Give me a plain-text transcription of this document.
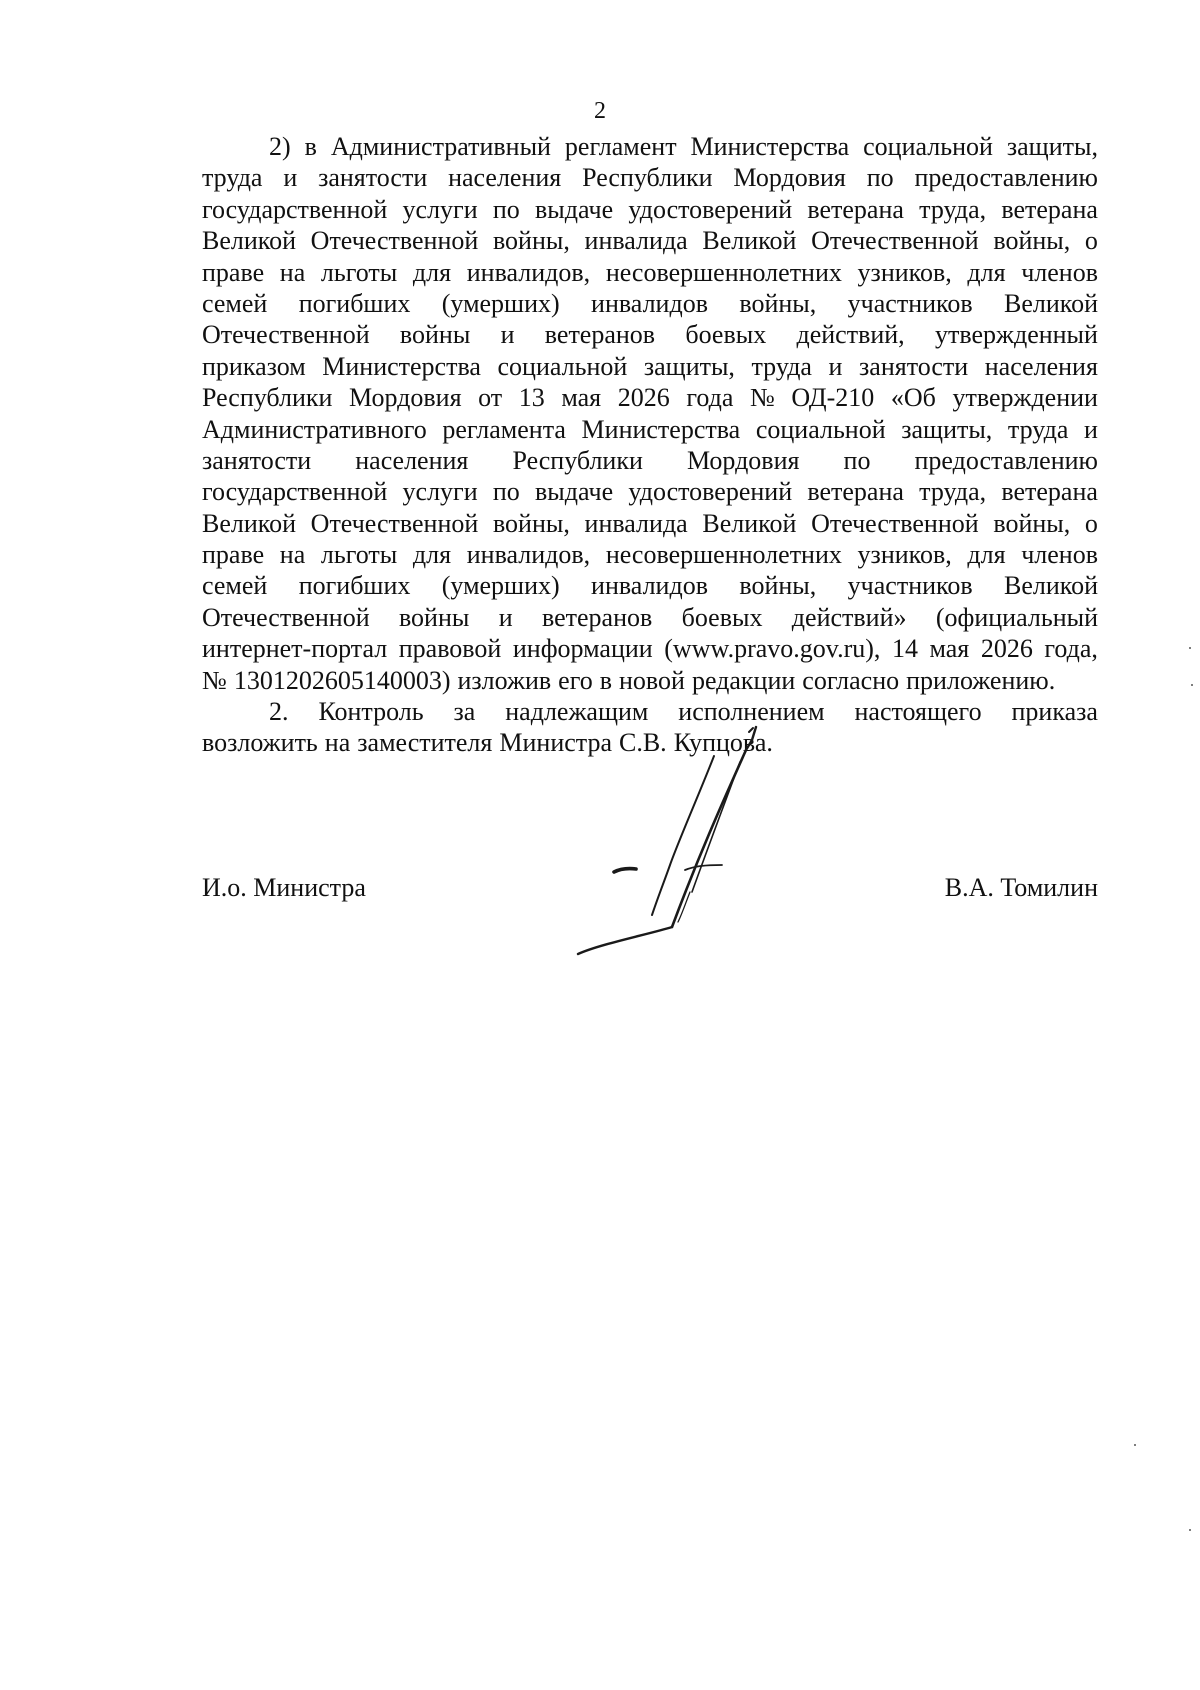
2
2) в Административный регламент Министерства социальной защиты,
труда и занятости населения Республики Мордовия по предоставлению
государственной услуги по выдаче удостоверений ветерана труда, ветерана
Великой Отечественной войны, инвалида Великой Отечественной войны, о
праве на льготы для инвалидов, несовершеннолетних узников, для членов
семей погибших (умерших) инвалидов войны, участников Великой
Отечественной войны и ветеранов боевых действий, утвержденный
приказом Министерства социальной защиты, труда и занятости населения
Республики Мордовия от 13 мая 2026 года № ОД-210 «Об утверждении
Административного регламента Министерства социальной защиты, труда и
занятости населения Республики Мордовия по предоставлению
государственной услуги по выдаче удостоверений ветерана труда, ветерана
Великой Отечественной войны, инвалида Великой Отечественной войны, о
праве на льготы для инвалидов, несовершеннолетних узников, для членов
семей погибших (умерших) инвалидов войны, участников Великой
Отечественной войны и ветеранов боевых действий» (официальный
интернет-портал правовой информации (www.pravo.gov.ru), 14 мая 2026 года,
№ 1301202605140003) изложив его в новой редакции согласно приложению.
2. Контроль за надлежащим исполнением настоящего приказа
возложить на заместителя Министра С.В. Купцова.
И.о. Министра	В.А. Томилин
